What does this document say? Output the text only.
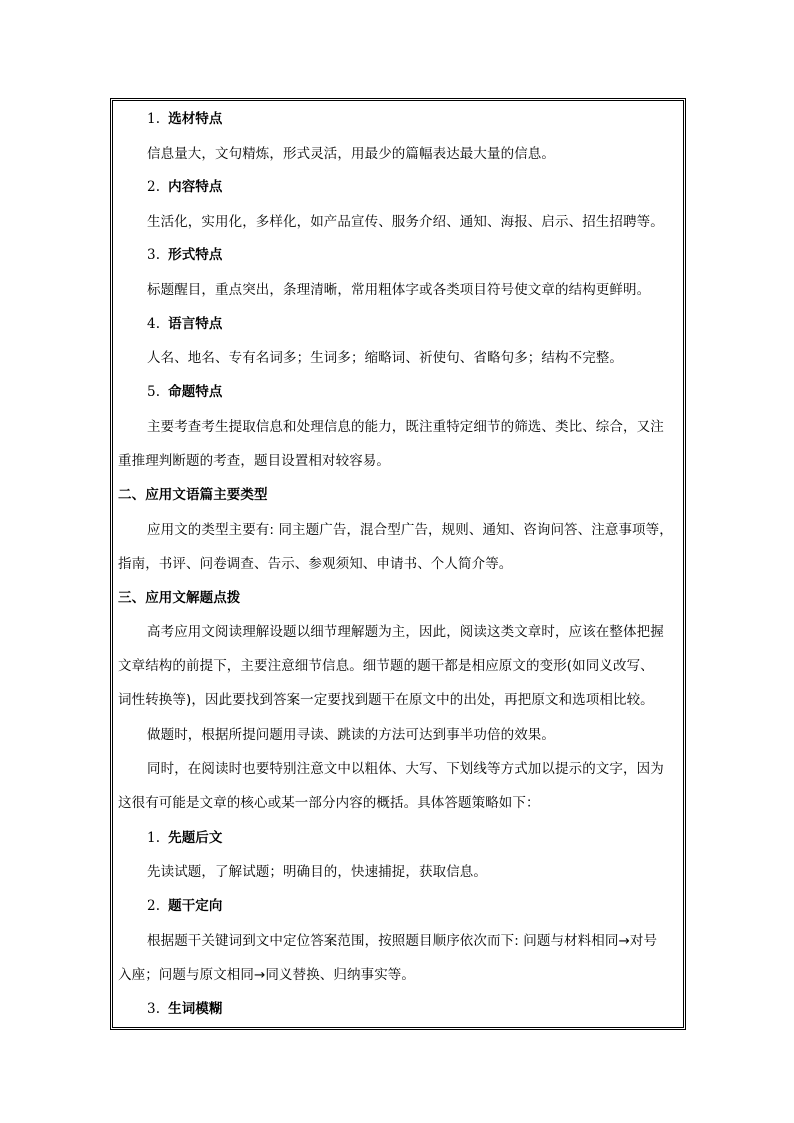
1. 选材特点
信息量大，文句精炼，形式灵活，用最少的篇幅表达最大量的信息。
2. 内容特点
生活化，实用化，多样化，如产品宣传、服务介绍、通知、海报、启示、招生招聘等。
3. 形式特点
标题醒目，重点突出，条理清晰，常用粗体字或各类项目符号使文章的结构更鲜明。
4. 语言特点
人名、地名、专有名词多；生词多；缩略词、祈使句、省略句多；结构不完整。
5. 命题特点
主要考查考生提取信息和处理信息的能力，既注重特定细节的筛选、类比、综合，又注
重推理判断题的考查，题目设置相对较容易。
二、应用文语篇主要类型
应用文的类型主要有: 同主题广告，混合型广告，规则、通知、咨询问答、注意事项等，
指南，书评、问卷调查、告示、参观须知、申请书、个人简介等。
三、应用文解题点拨
高考应用文阅读理解设题以细节理解题为主，因此，阅读这类文章时，应该在整体把握
文章结构的前提下，主要注意细节信息。细节题的题干都是相应原文的变形(如同义改写、
词性转换等)，因此要找到答案一定要找到题干在原文中的出处，再把原文和选项相比较。
做题时，根据所提问题用寻读、跳读的方法可达到事半功倍的效果。
同时，在阅读时也要特别注意文中以粗体、大写、下划线等方式加以提示的文字，因为
这很有可能是文章的核心或某一部分内容的概括。具体答题策略如下：
1. 先题后文
先读试题，了解试题；明确目的，快速捕捉，获取信息。
2. 题干定向
根据题干关键词到文中定位答案范围，按照题目顺序依次而下: 问题与材料相同→对号
入座；问题与原文相同→同义替换、归纳事实等。
3. 生词模糊
